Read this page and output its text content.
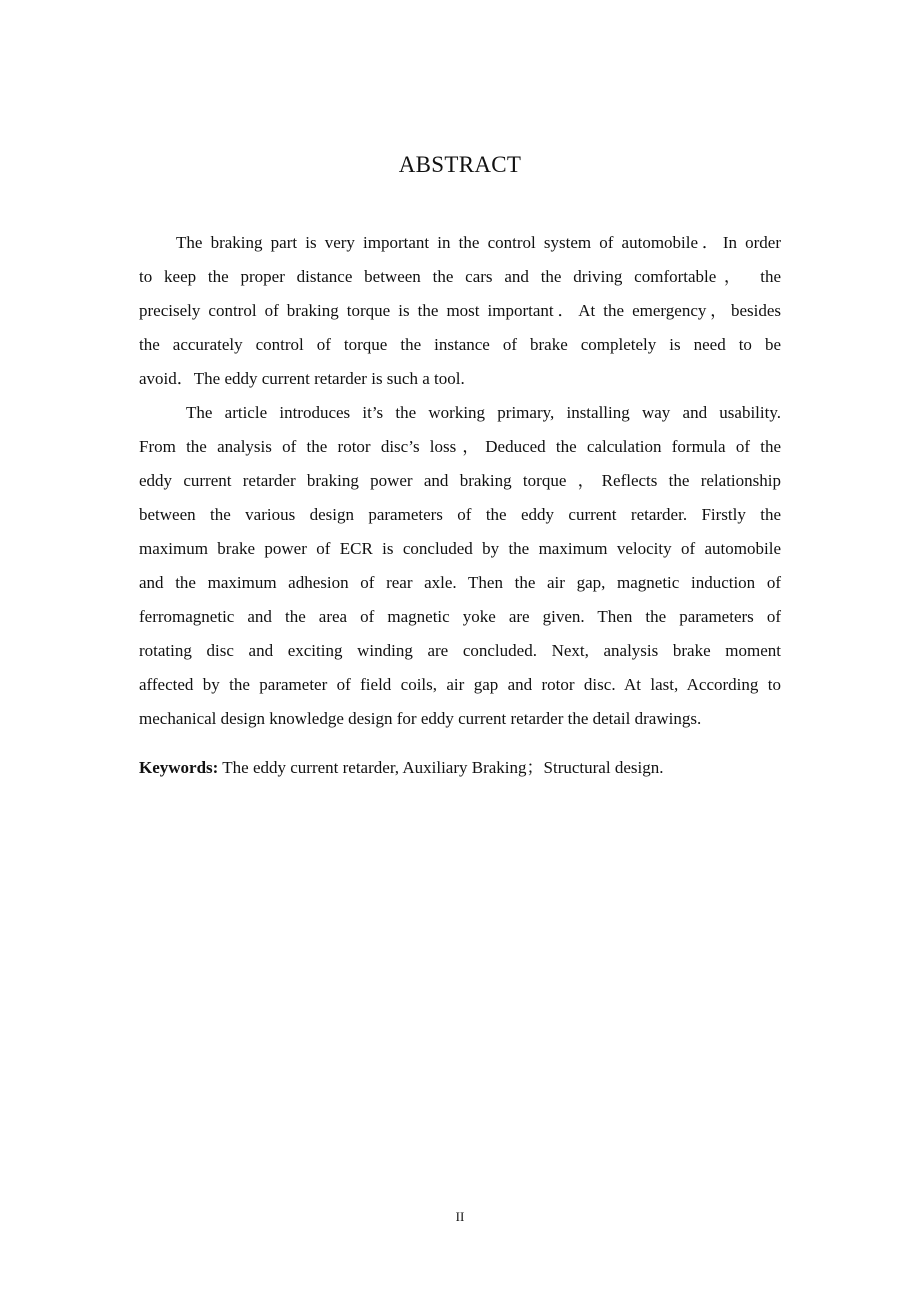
ABSTRACT

The braking part is very important in the control system of automobile．In order
to keep the proper distance between the cars and the driving comfortable， the
precisely control of braking torque is the most important．At the emergency，besides
the accurately control of torque the instance of brake completely is need to be
avoid．The eddy current retarder is such a tool.

The article introduces it’s the working primary, installing way and usability.
From the analysis of the rotor disc’s loss，Deduced the calculation formula of the
eddy current retarder braking power and braking torque ，Reflects the relationship
between the various design parameters of the eddy current retarder. Firstly the
maximum brake power of ECR is concluded by the maximum velocity of automobile
and the maximum adhesion of rear axle. Then the air gap, magnetic induction of
ferromagnetic and the area of magnetic yoke are given. Then the parameters of
rotating disc and exciting winding are concluded. Next, analysis brake moment
affected by the parameter of field coils, air gap and rotor disc. At last, According to
mechanical design knowledge design for eddy current retarder the detail drawings.

Keywords: The eddy current retarder, Auxiliary Braking；Structural design.
II
